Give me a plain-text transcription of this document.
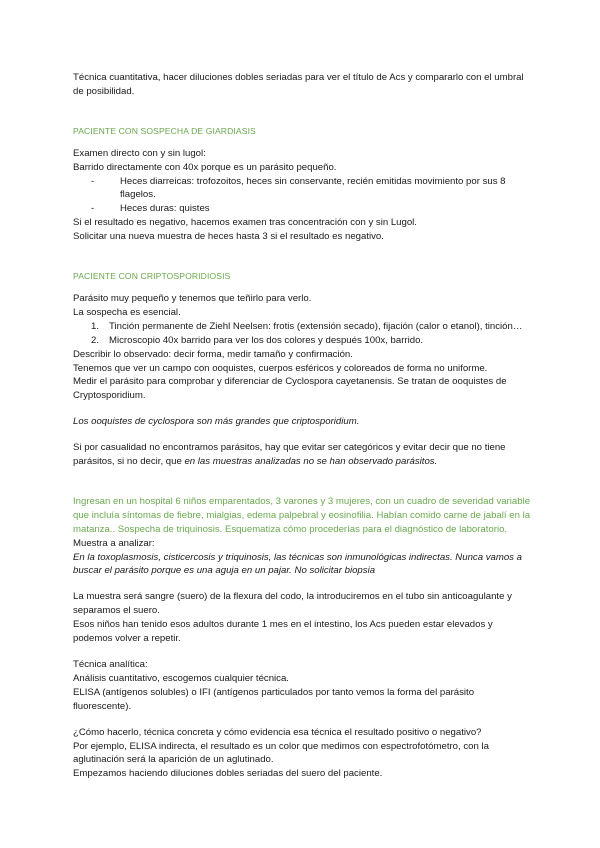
Técnica cuantitativa, hacer diluciones dobles seriadas para ver el título de Acs y compararlo con el umbral de posibilidad.

PACIENTE CON SOSPECHA DE GIARDIASIS

Examen directo con y sin lugol:

Barrido directamente con 40x porque es un parásito pequeño.

- Heces diarreicas: trofozoitos, heces sin conservante, recién emitidas movimiento por sus 8 flagelos.
- Heces duras: quistes

Si el resultado es negativo, hacemos examen tras concentración con y sin Lugol.

Solicitar una nueva muestra de heces hasta 3 si el resultado es negativo.

PACIENTE CON CRIPTOSPORIDIOSIS

Parásito muy pequeño y tenemos que teñirlo para verlo.

La sospecha es esencial.

1. Tinción permanente de Ziehl Neelsen: frotis (extensión secado), fijación (calor o etanol), tinción…
2. Microscopio 40x barrido para ver los dos colores y después 100x, barrido.

Describir lo observado: decir forma, medir tamaño y confirmación.

Tenemos que ver un campo con ooquistes, cuerpos esféricos y coloreados de forma no uniforme.

Medir el parásito para comprobar y diferenciar de Cyclospora cayetanensis. Se tratan de ooquistes de Cryptosporidium.

Los ooquistes de cyclospora son más grandes que criptosporidium.

Si por casualidad no encontramos parásitos, hay que evitar ser categóricos y evitar decir que no tiene parásitos, si no decir, que en las muestras analizadas no se han observado parásitos.

Ingresan en un hospital 6 niños emparentados, 3 varones y 3 mujeres, con un cuadro de severidad variable que incluía síntomas de fiebre, mialgias, edema palpebral y eosinofilia. Habían comido carne de jabalí en la matanza.. Sospecha de triquinosis. Esquematiza cómo procederías para el diagnóstico de laboratorio.

Muestra a analizar:

En la toxoplasmosis, cisticercosis y triquinosis, las técnicas son inmunológicas indirectas. Nunca vamos a buscar el parásito porque es una aguja en un pajar. No solicitar biopsia

La muestra será sangre (suero) de la flexura del codo, la introduciremos en el tubo sin anticoagulante y separamos el suero.

Esos niños han tenido esos adultos durante 1 mes en el intestino, los Acs pueden estar elevados y podemos volver a repetir.

Técnica analítica:

Análisis cuantitativo, escogemos cualquier técnica.

ELISA (antígenos solubles) o IFI (antígenos particulados por tanto vemos la forma del parásito fluorescente).

¿Cómo hacerlo, técnica concreta y cómo evidencia esa técnica el resultado positivo o negativo?

Por ejemplo, ELISA indirecta, el resultado es un color que medimos con espectrofotómetro, con la aglutinación será la aparición de un aglutinado.

Empezamos haciendo diluciones dobles seriadas del suero del paciente.
